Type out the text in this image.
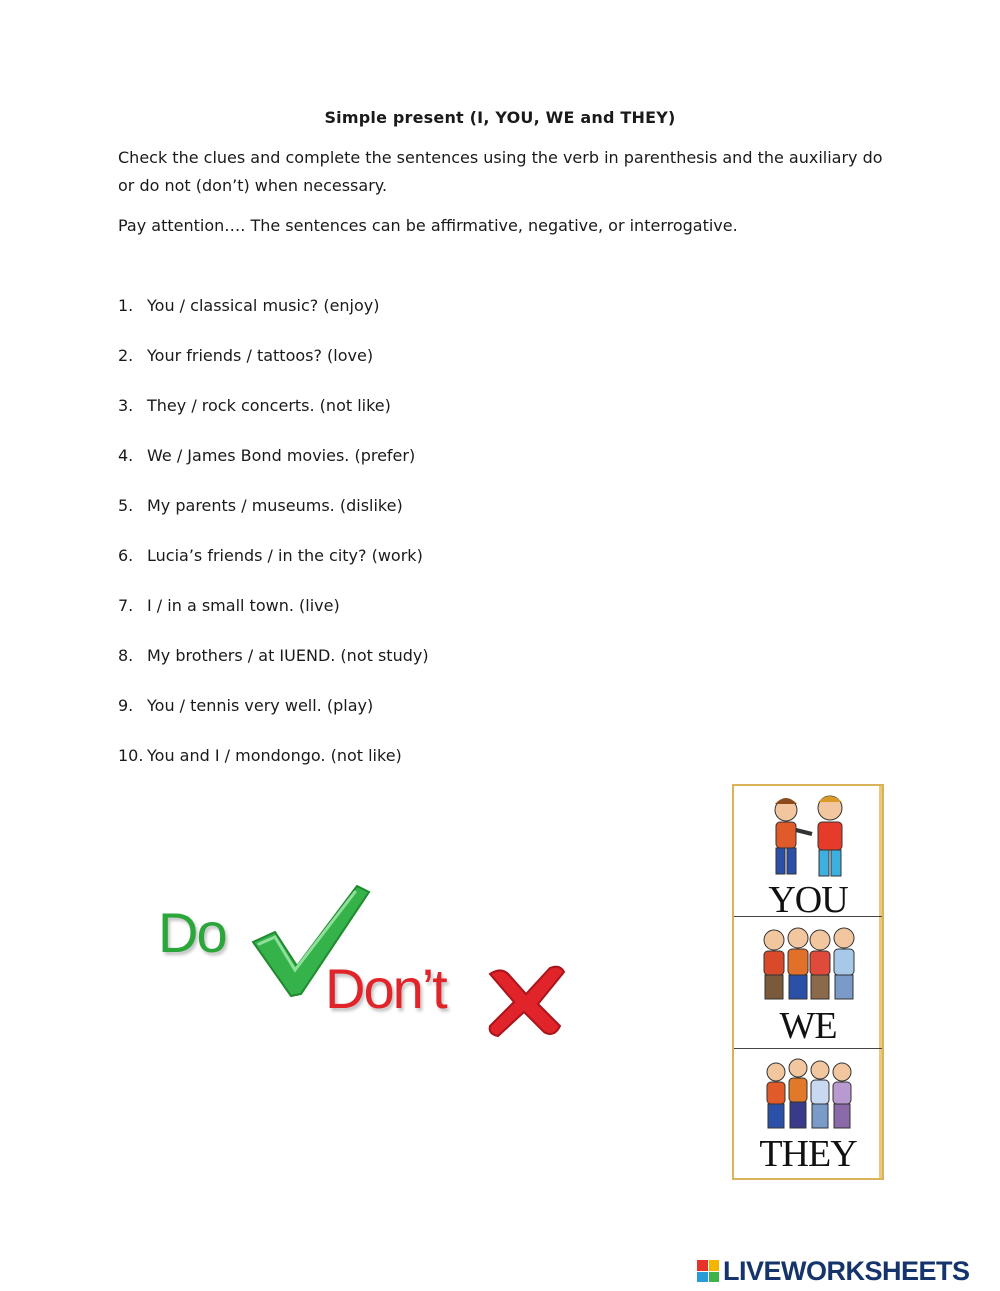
Simple present (I, YOU, WE and THEY)
Check the clues and complete the sentences using the verb in parenthesis and the auxiliary do or do not (don’t) when necessary.
Pay attention…. The sentences can be affirmative, negative, or interrogative.
1. You / classical music? (enjoy)
2. Your friends / tattoos? (love)
3. They / rock concerts. (not like)
4. We / James Bond movies. (prefer)
5. My parents / museums. (dislike)
6. Lucia’s friends / in the city? (work)
7. I / in a small town. (live)
8. My brothers / at IUEND. (not study)
9. You / tennis very well. (play)
10. You and I / mondongo. (not like)
Do
Don’t
YOU
WE
THEY
LIVEWORKSHEETS
